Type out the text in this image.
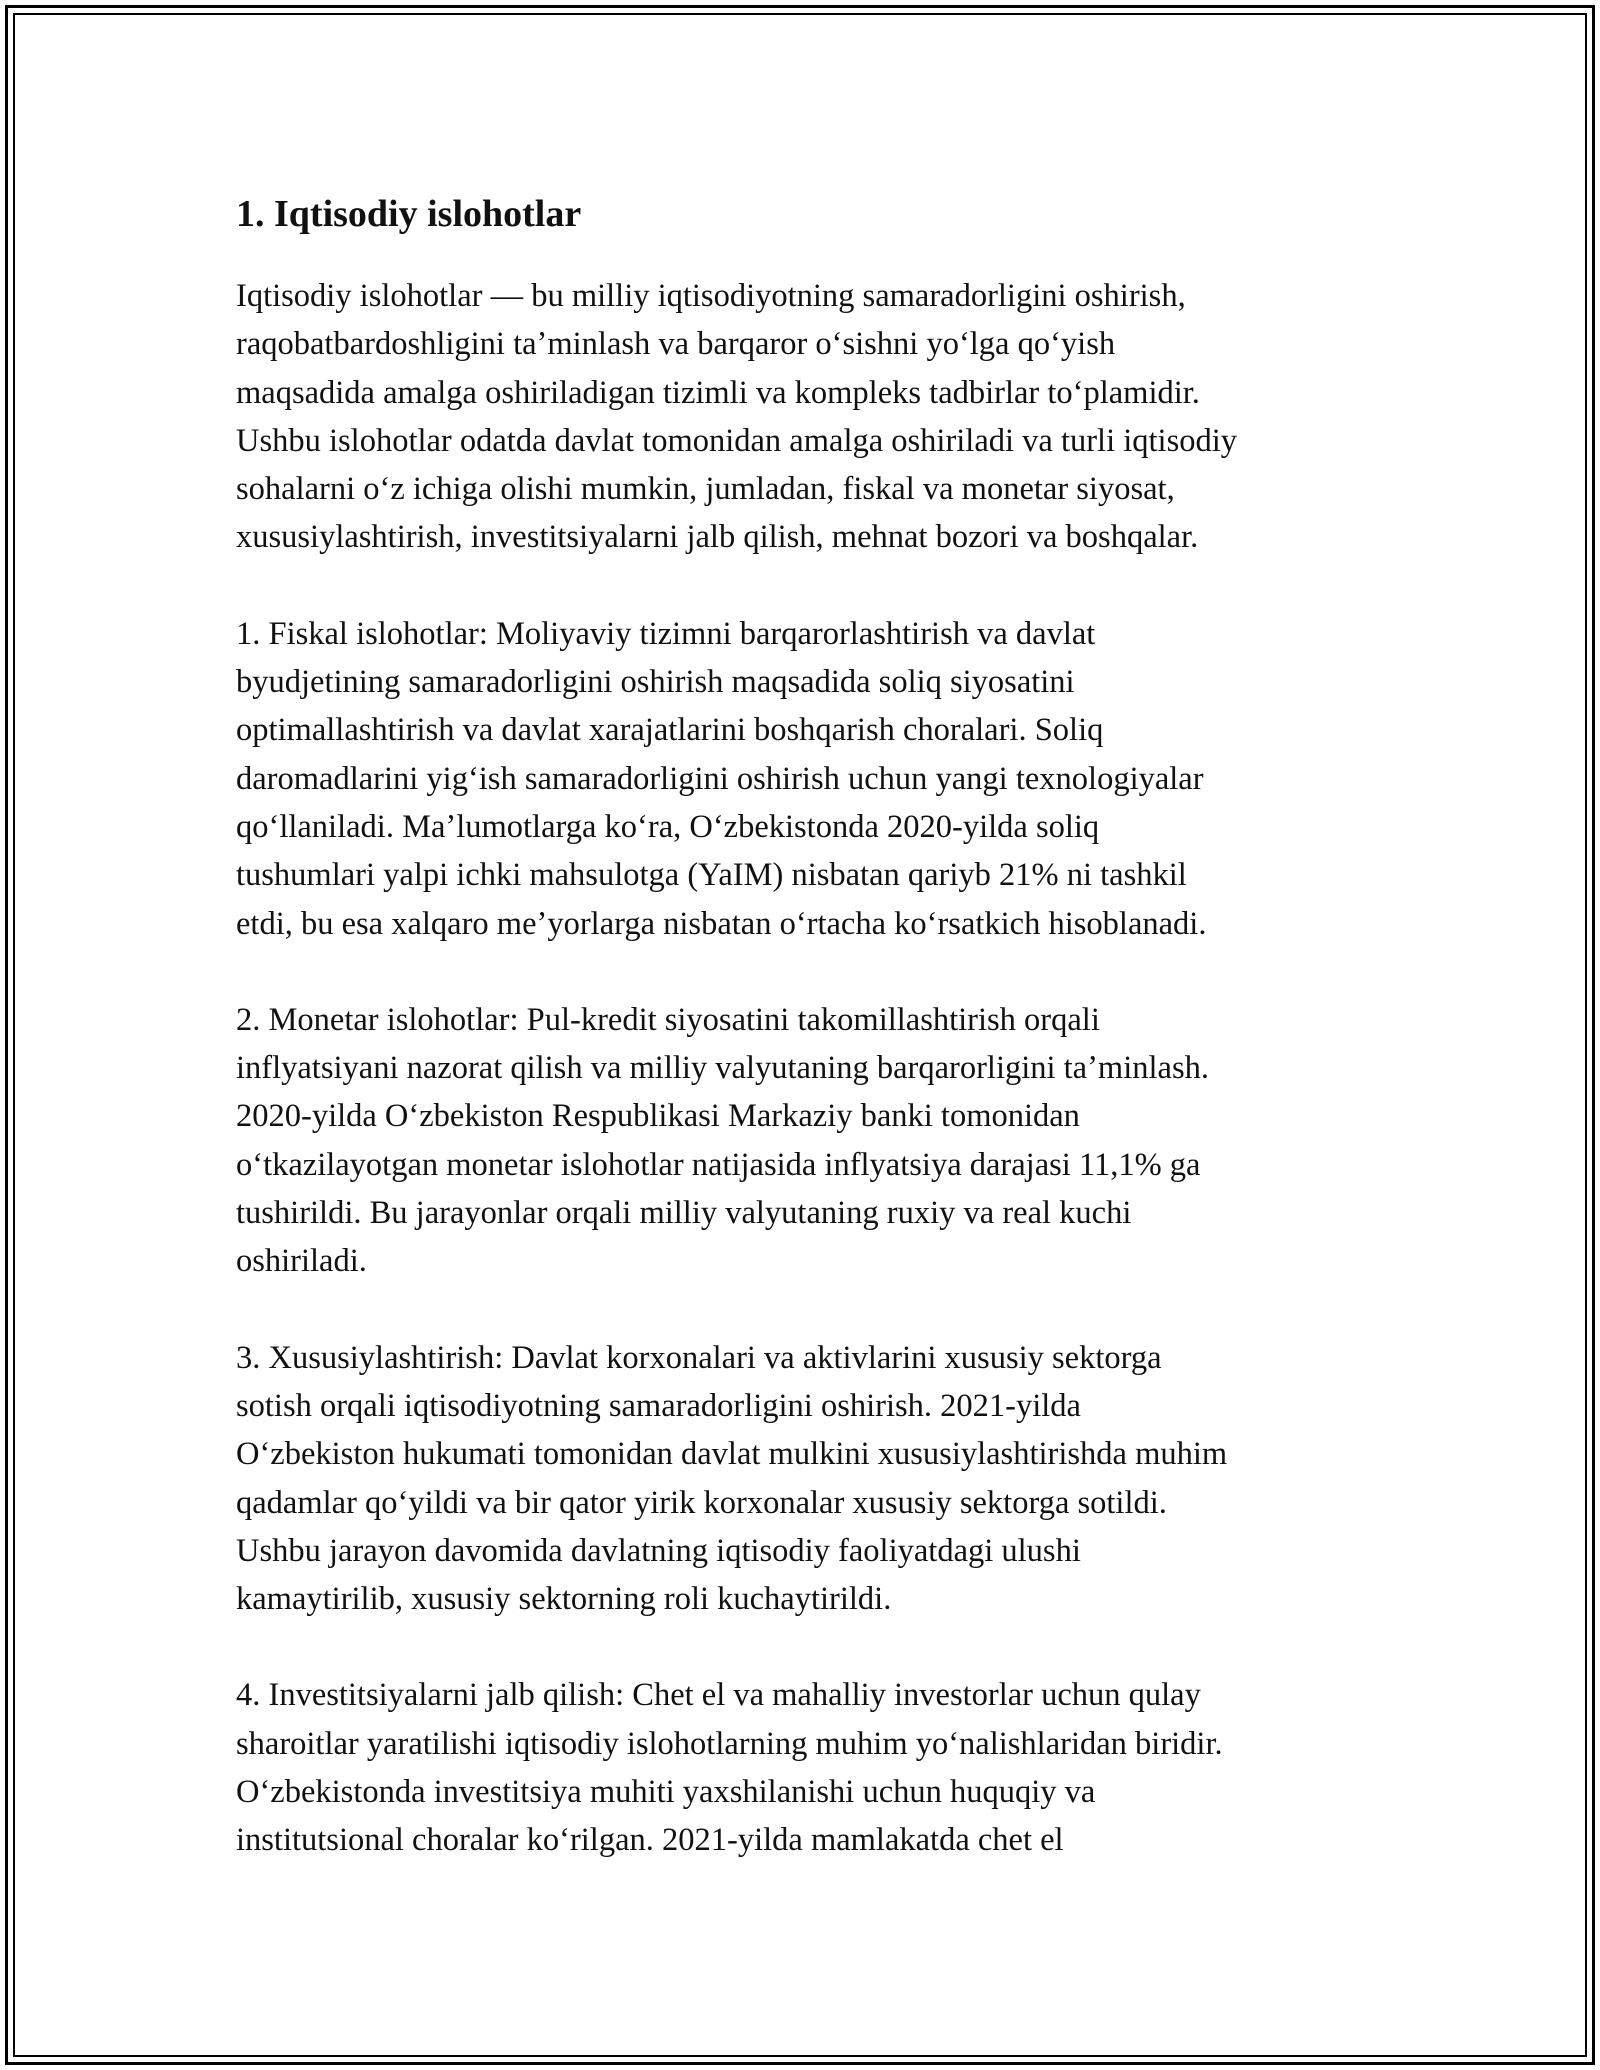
1. Iqtisodiy islohotlar

Iqtisodiy islohotlar — bu milliy iqtisodiyotning samaradorligini oshirish,
raqobatbardoshligini taʼminlash va barqaror oʻsishni yoʻlga qoʻyish
maqsadida amalga oshiriladigan tizimli va kompleks tadbirlar toʻplamidir.
Ushbu islohotlar odatda davlat tomonidan amalga oshiriladi va turli iqtisodiy
sohalarni oʻz ichiga olishi mumkin, jumladan, fiskal va monetar siyosat,
xususiylashtirish, investitsiyalarni jalb qilish, mehnat bozori va boshqalar.

1. Fiskal islohotlar: Moliyaviy tizimni barqarorlashtirish va davlat
byudjetining samaradorligini oshirish maqsadida soliq siyosatini
optimallashtirish va davlat xarajatlarini boshqarish choralari. Soliq
daromadlarini yigʻish samaradorligini oshirish uchun yangi texnologiyalar
qoʻllaniladi. Maʼlumotlarga koʻra, Oʻzbekistonda 2020-yilda soliq
tushumlari yalpi ichki mahsulotga (YaIM) nisbatan qariyb 21% ni tashkil
etdi, bu esa xalqaro meʼyorlarga nisbatan oʻrtacha koʻrsatkich hisoblanadi.

2. Monetar islohotlar: Pul-kredit siyosatini takomillashtirish orqali
inflyatsiyani nazorat qilish va milliy valyutaning barqarorligini taʼminlash.
2020-yilda Oʻzbekiston Respublikasi Markaziy banki tomonidan
oʻtkazilayotgan monetar islohotlar natijasida inflyatsiya darajasi 11,1% ga
tushirildi. Bu jarayonlar orqali milliy valyutaning ruxiy va real kuchi
oshiriladi.

3. Xususiylashtirish: Davlat korxonalari va aktivlarini xususiy sektorga
sotish orqali iqtisodiyotning samaradorligini oshirish. 2021-yilda
Oʻzbekiston hukumati tomonidan davlat mulkini xususiylashtirishda muhim
qadamlar qoʻyildi va bir qator yirik korxonalar xususiy sektorga sotildi.
Ushbu jarayon davomida davlatning iqtisodiy faoliyatdagi ulushi
kamaytirilib, xususiy sektorning roli kuchaytirildi.

4. Investitsiyalarni jalb qilish: Chet el va mahalliy investorlar uchun qulay
sharoitlar yaratilishi iqtisodiy islohotlarning muhim yoʻnalishlaridan biridir.
Oʻzbekistonda investitsiya muhiti yaxshilanishi uchun huquqiy va
institutsional choralar koʻrilgan. 2021-yilda mamlakatda chet el
